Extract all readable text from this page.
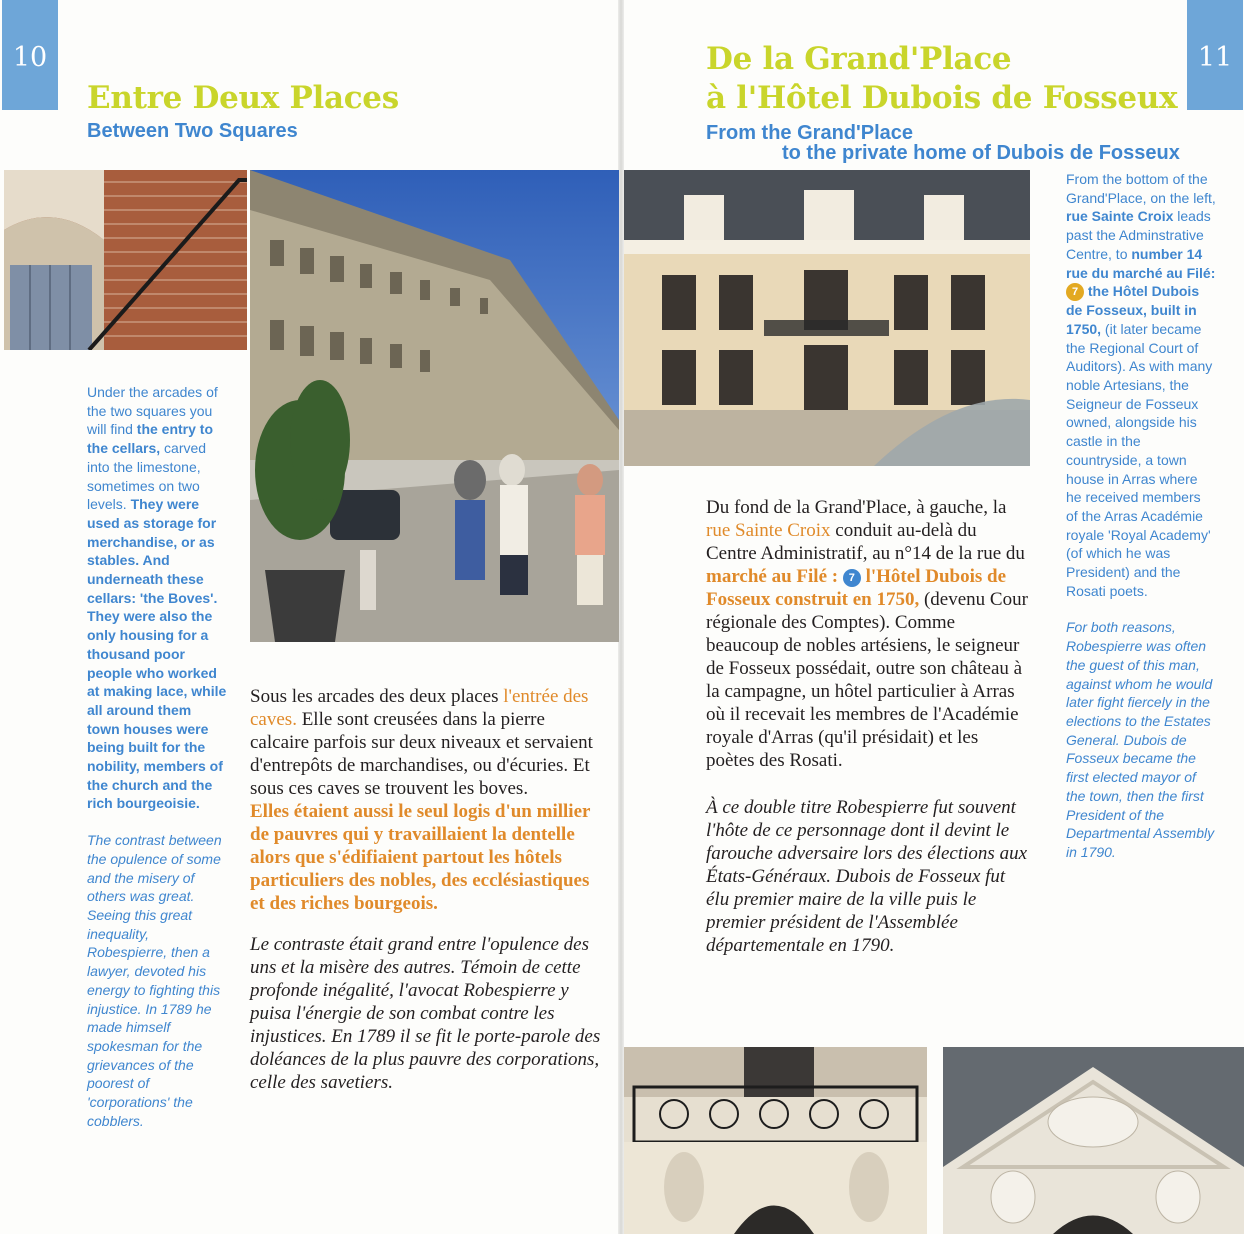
10
Entre Deux Places
Between Two Squares

Under the arcades of the two squares you will find the entry to the cellars, carved into the limestone, sometimes on two levels. They were used as storage for merchandise, or as stables. And underneath these cellars: 'the Boves'. They were also the only housing for a thousand poor people who worked at making lace, while all around them town houses were being built for the nobility, members of the church and the rich bourgeoisie.

The contrast between the opulence of some and the misery of others was great. Seeing this great inequality, Robespierre, then a lawyer, devoted his energy to fighting this injustice. In 1789 he made himself spokesman for the grievances of the poorest of 'corporations' the cobblers.

Sous les arcades des deux places l'entrée des caves. Elle sont creusées dans la pierre calcaire parfois sur deux niveaux et servaient d'entrepôts de marchandises, ou d'écuries. Et sous ces caves se trouvent les boves.
Elles étaient aussi le seul logis d'un millier de pauvres qui y travaillaient la dentelle alors que s'édifiaient partout les hôtels particuliers des nobles, des ecclésiastiques et des riches bourgeois.

Le contraste était grand entre l'opulence des uns et la misère des autres. Témoin de cette profonde inégalité, l'avocat Robespierre y puisa l'énergie de son combat contre les injustices. En 1789 il se fit le porte-parole des doléances de la plus pauvre des corporations, celle des savetiers.

11
De la Grand'Place
à l'Hôtel Dubois de Fosseux
From the Grand'Place
to the private home of Dubois de Fosseux

Du fond de la Grand'Place, à gauche, la rue Sainte Croix conduit au-delà du Centre Administratif, au n°14 de la rue du marché au Filé : 7 l'Hôtel Dubois de Fosseux construit en 1750, (devenu Cour régionale des Comptes). Comme beaucoup de nobles artésiens, le seigneur de Fosseux possédait, outre son château à la campagne, un hôtel particulier à Arras où il recevait les membres de l'Académie royale d'Arras (qu'il présidait) et les poètes des Rosati.

À ce double titre Robespierre fut souvent l'hôte de ce personnage dont il devint le farouche adversaire lors des élections aux États-Généraux. Dubois de Fosseux fut élu premier maire de la ville puis le premier président de l'Assemblée départementale en 1790.

From the bottom of the Grand'Place, on the left, rue Sainte Croix leads past the Adminstrative Centre, to number 14 rue du marché au Filé: 7 the Hôtel Dubois de Fosseux, built in 1750, (it later became the Regional Court of Auditors). As with many noble Artesians, the Seigneur de Fosseux owned, alongside his castle in the countryside, a town house in Arras where he received members of the Arras Académie royale 'Royal Academy' (of which he was President) and the Rosati poets.

For both reasons, Robespierre was often the guest of this man, against whom he would later fight fiercely in the elections to the Estates General. Dubois de Fosseux became the first elected mayor of the town, then the first President of the Departmental Assembly in 1790.
